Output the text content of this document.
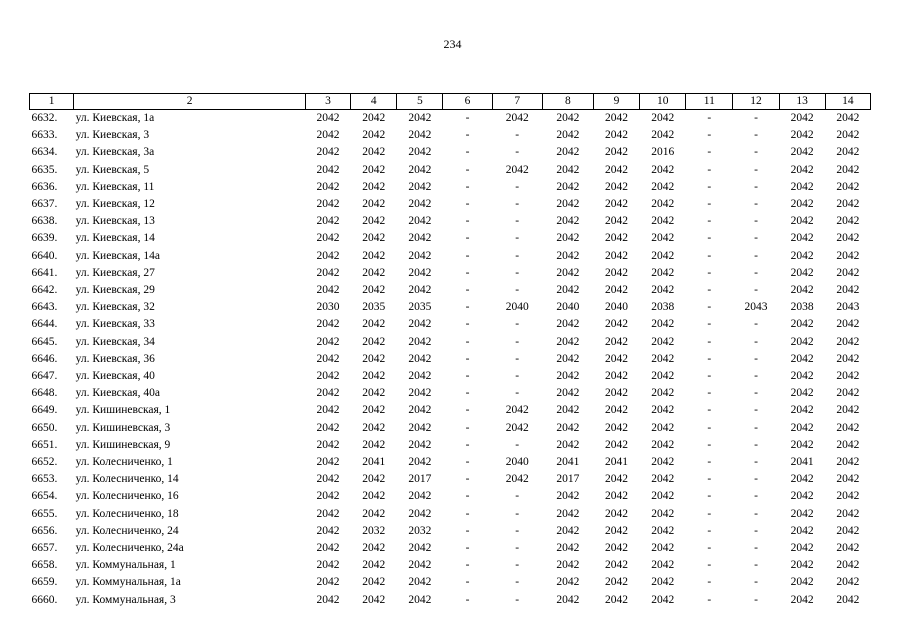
234
1	2	3	4	5	6	7	8	9	10	11	12	13	14
6632.	ул. Киевская, 1а	2042	2042	2042	-	2042	2042	2042	2042	-	-	2042	2042
6633.	ул. Киевская, 3	2042	2042	2042	-	-	2042	2042	2042	-	-	2042	2042
6634.	ул. Киевская, 3а	2042	2042	2042	-	-	2042	2042	2016	-	-	2042	2042
6635.	ул. Киевская, 5	2042	2042	2042	-	2042	2042	2042	2042	-	-	2042	2042
6636.	ул. Киевская, 11	2042	2042	2042	-	-	2042	2042	2042	-	-	2042	2042
6637.	ул. Киевская, 12	2042	2042	2042	-	-	2042	2042	2042	-	-	2042	2042
6638.	ул. Киевская, 13	2042	2042	2042	-	-	2042	2042	2042	-	-	2042	2042
6639.	ул. Киевская, 14	2042	2042	2042	-	-	2042	2042	2042	-	-	2042	2042
6640.	ул. Киевская, 14а	2042	2042	2042	-	-	2042	2042	2042	-	-	2042	2042
6641.	ул. Киевская, 27	2042	2042	2042	-	-	2042	2042	2042	-	-	2042	2042
6642.	ул. Киевская, 29	2042	2042	2042	-	-	2042	2042	2042	-	-	2042	2042
6643.	ул. Киевская, 32	2030	2035	2035	-	2040	2040	2040	2038	-	2043	2038	2043
6644.	ул. Киевская, 33	2042	2042	2042	-	-	2042	2042	2042	-	-	2042	2042
6645.	ул. Киевская, 34	2042	2042	2042	-	-	2042	2042	2042	-	-	2042	2042
6646.	ул. Киевская, 36	2042	2042	2042	-	-	2042	2042	2042	-	-	2042	2042
6647.	ул. Киевская, 40	2042	2042	2042	-	-	2042	2042	2042	-	-	2042	2042
6648.	ул. Киевская, 40а	2042	2042	2042	-	-	2042	2042	2042	-	-	2042	2042
6649.	ул. Кишиневская, 1	2042	2042	2042	-	2042	2042	2042	2042	-	-	2042	2042
6650.	ул. Кишиневская, 3	2042	2042	2042	-	2042	2042	2042	2042	-	-	2042	2042
6651.	ул. Кишиневская, 9	2042	2042	2042	-	-	2042	2042	2042	-	-	2042	2042
6652.	ул. Колесниченко, 1	2042	2041	2042	-	2040	2041	2041	2042	-	-	2041	2042
6653.	ул. Колесниченко, 14	2042	2042	2017	-	2042	2017	2042	2042	-	-	2042	2042
6654.	ул. Колесниченко, 16	2042	2042	2042	-	-	2042	2042	2042	-	-	2042	2042
6655.	ул. Колесниченко, 18	2042	2042	2042	-	-	2042	2042	2042	-	-	2042	2042
6656.	ул. Колесниченко, 24	2042	2032	2032	-	-	2042	2042	2042	-	-	2042	2042
6657.	ул. Колесниченко, 24а	2042	2042	2042	-	-	2042	2042	2042	-	-	2042	2042
6658.	ул. Коммунальная, 1	2042	2042	2042	-	-	2042	2042	2042	-	-	2042	2042
6659.	ул. Коммунальная, 1а	2042	2042	2042	-	-	2042	2042	2042	-	-	2042	2042
6660.	ул. Коммунальная, 3	2042	2042	2042	-	-	2042	2042	2042	-	-	2042	2042
